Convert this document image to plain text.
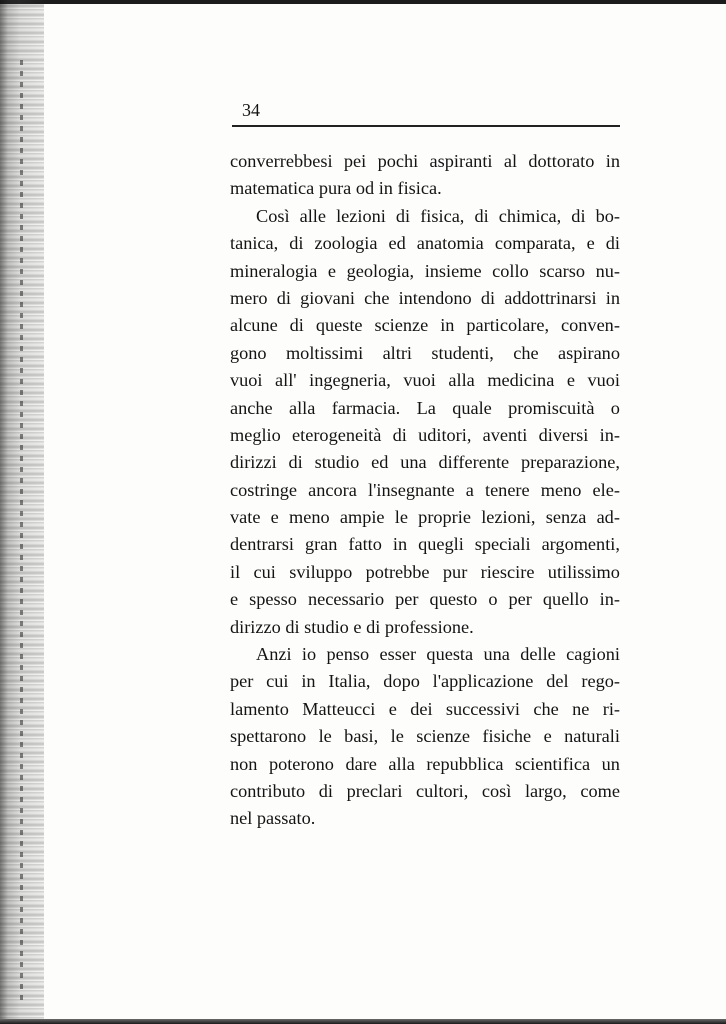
34
converrebbesi pei pochi aspiranti al dottorato in
matematica pura od in fisica.
Così alle lezioni di fisica, di chimica, di bo-
tanica, di zoologia ed anatomia comparata, e di
mineralogia e geologia, insieme collo scarso nu-
mero di giovani che intendono di addottrinarsi in
alcune di queste scienze in particolare, conven-
gono moltissimi altri studenti, che aspirano
vuoi all' ingegneria, vuoi alla medicina e vuoi
anche alla farmacia. La quale promiscuità o
meglio eterogeneità di uditori, aventi diversi in-
dirizzi di studio ed una differente preparazione,
costringe ancora l'insegnante a tenere meno ele-
vate e meno ampie le proprie lezioni, senza ad-
dentrarsi gran fatto in quegli speciali argomenti,
il cui sviluppo potrebbe pur riescire utilissimo
e spesso necessario per questo o per quello in-
dirizzo di studio e di professione.
Anzi io penso esser questa una delle cagioni
per cui in Italia, dopo l'applicazione del rego-
lamento Matteucci e dei successivi che ne ri-
spettarono le basi, le scienze fisiche e naturali
non poterono dare alla repubblica scientifica un
contributo di preclari cultori, così largo, come
nel passato.
